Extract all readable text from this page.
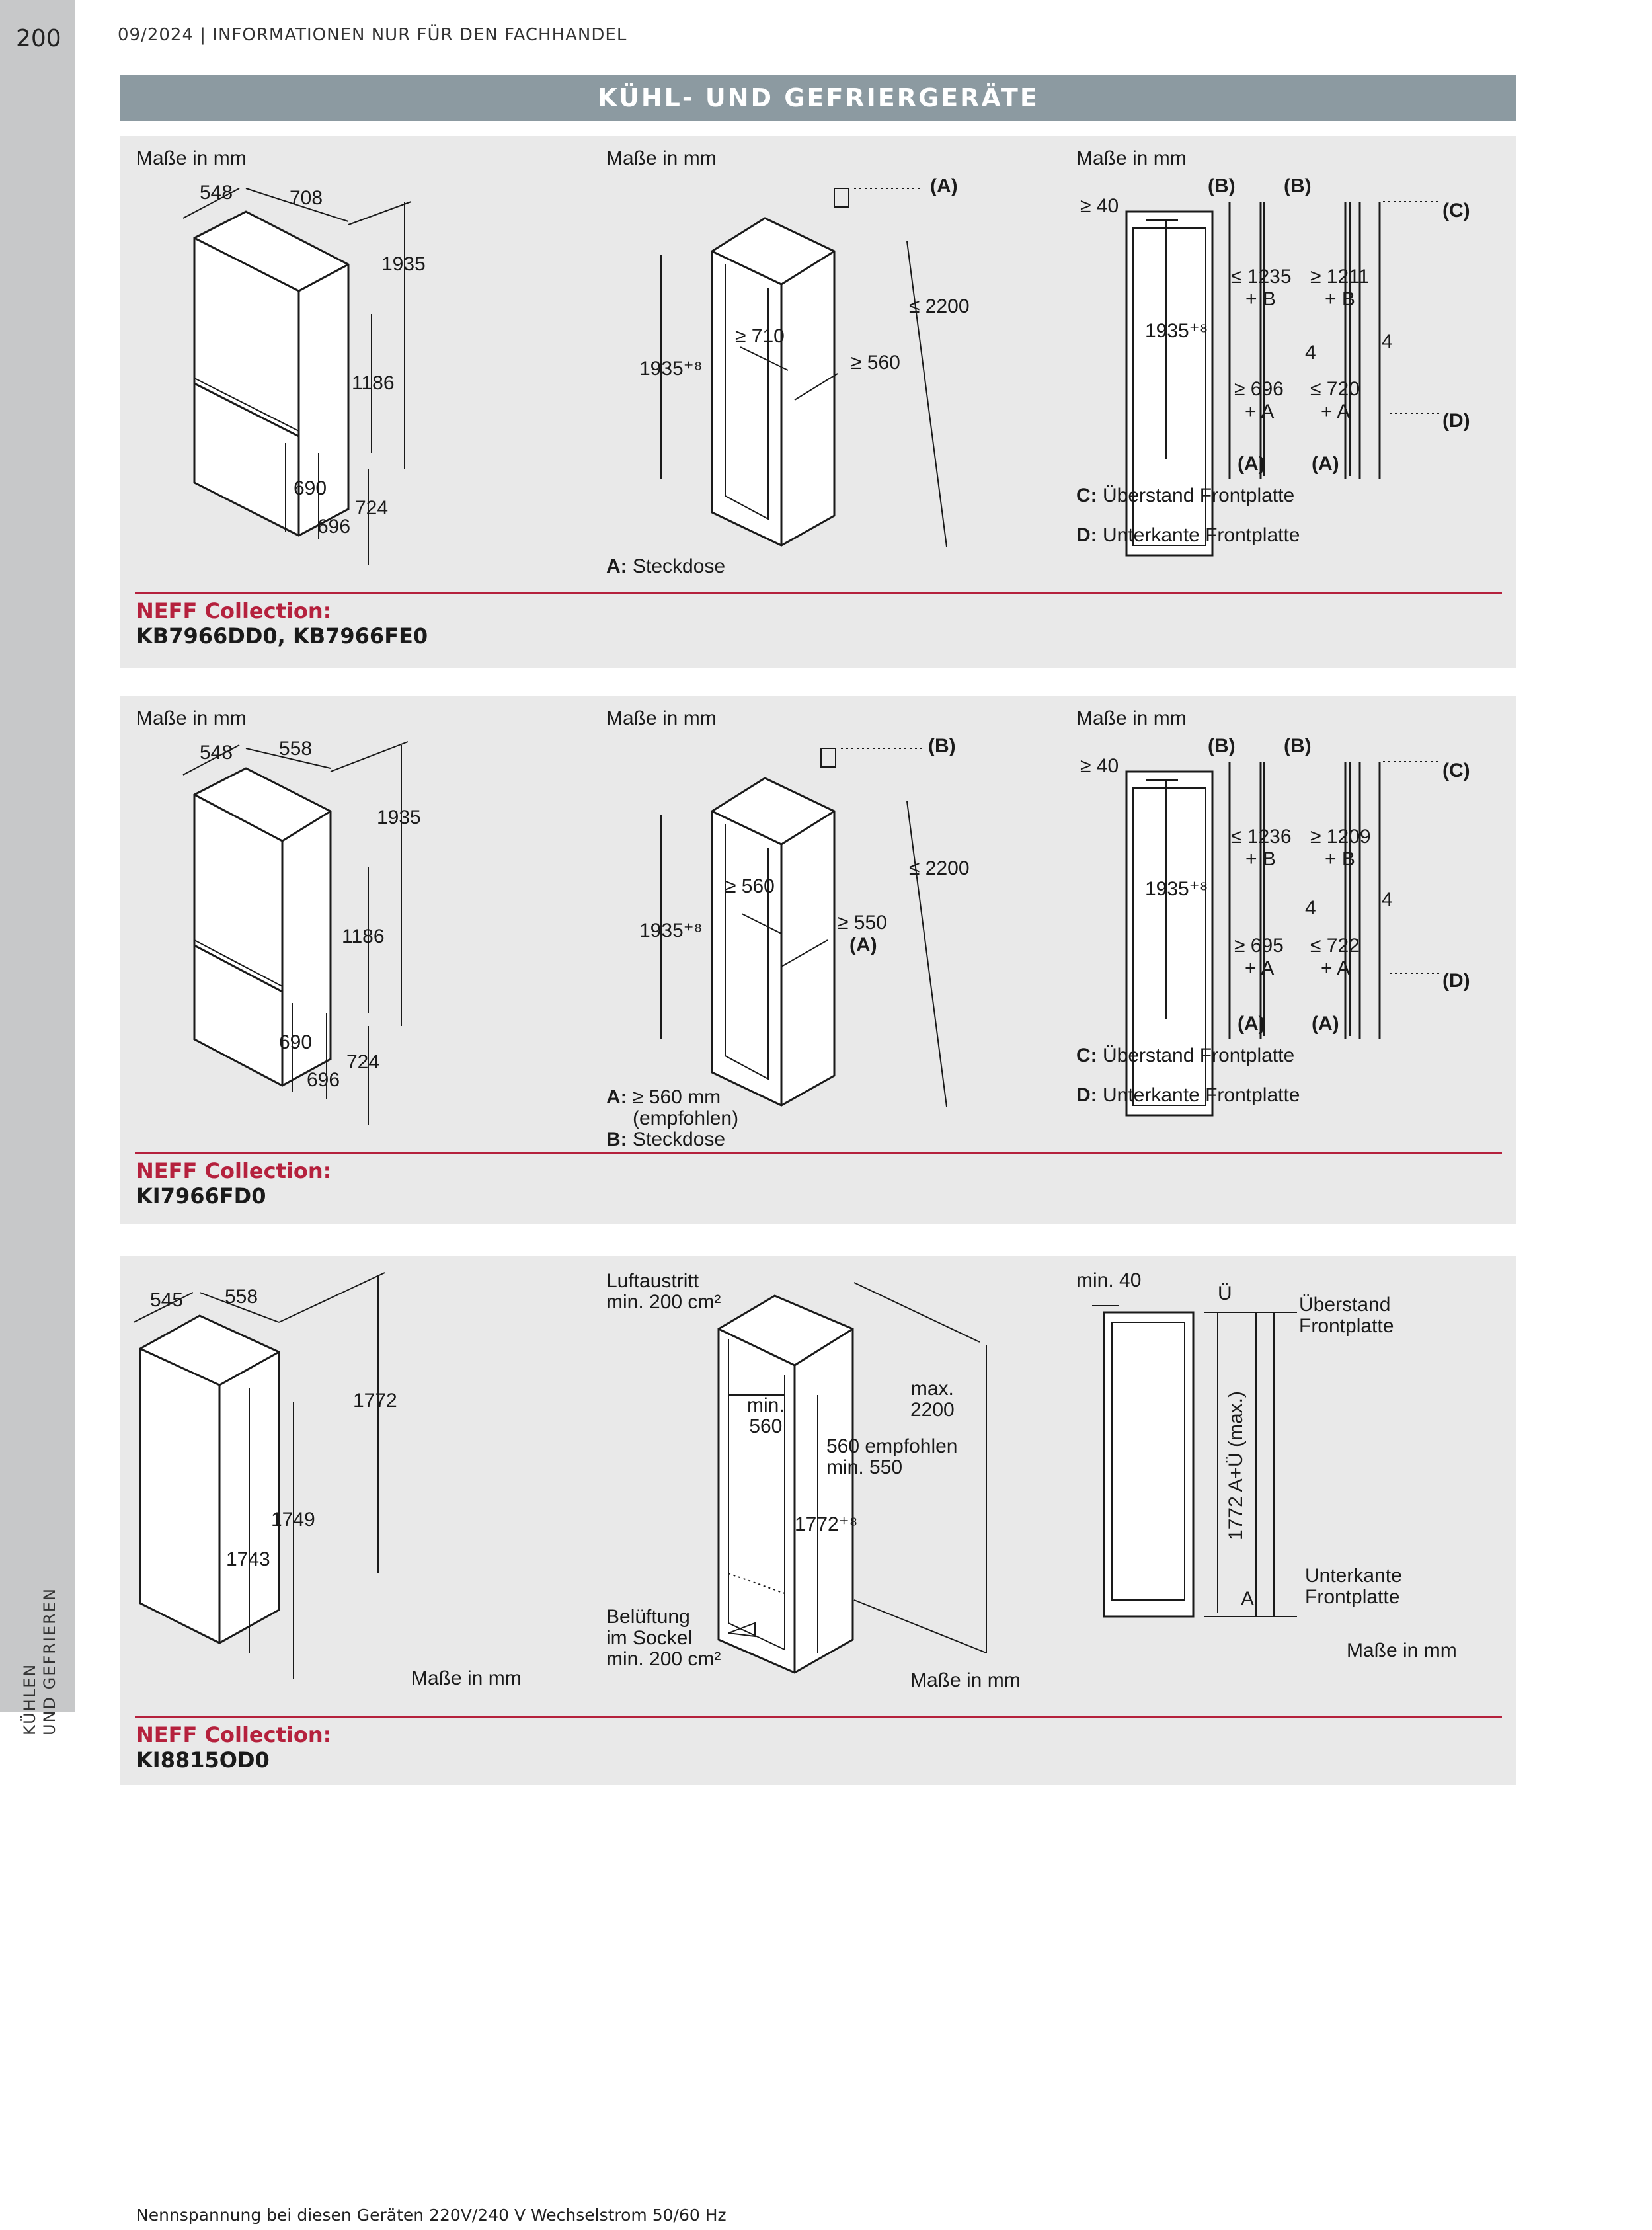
200
KÜHLEN UND GEFRIEREN
09/2024 | INFORMATIONEN NUR FÜR DEN FACHHANDEL
KÜHL- UND GEFRIERGERÄTE
Maße in mm
548	708
1935
1186
690
724
696
Maße in mm
(A)
≤ 2200
≥ 710
≥ 560
1935⁺⁸
A: Steckdose
Maße in mm
≥ 40
(B) (B)
(C)
≤ 1235
+ B
≥ 1211
+ B
1935⁺⁸
4
4
≥ 696
+ A
≤ 720
+ A	(D)
(A) (A)
C: Überstand Frontplatte
D: Unterkante Frontplatte
NEFF Collection:
KB7966DD0, KB7966FE0
Maße in mm
548 558
1935
1186
690
724
696
Maße in mm
(B)
≤ 2200
≥ 560
≥ 550
(A)
1935⁺⁸
A: ≥ 560 mm
(empfohlen)
B: Steckdose
Maße in mm
≥ 40
(B) (B)
(C)
≤ 1236
+ B
≥ 1209
+ B
1935⁺⁸
4	4
≥ 695
+ A
≤ 722
+ A
(D)
(A) (A)
C: Überstand Frontplatte
D: Unterkante Frontplatte
NEFF Collection:
KI7966FD0
545 558
1772
1749
1743
Maße in mm
Luftaustritt
min. 200 cm²
max.
2200
min.
560
560 empfohlen
min. 550
1772⁺⁸
Belüftung
im Sockel
min. 200 cm²
Maße in mm
min. 40
Ü
Überstand
Frontplatte
1772 A+Ü (max.)
Unterkante
Frontplatte
A
Maße in mm
NEFF Collection:
KI8815OD0
Nennspannung bei diesen Geräten 220V/240 V Wechselstrom 50/60 Hz
